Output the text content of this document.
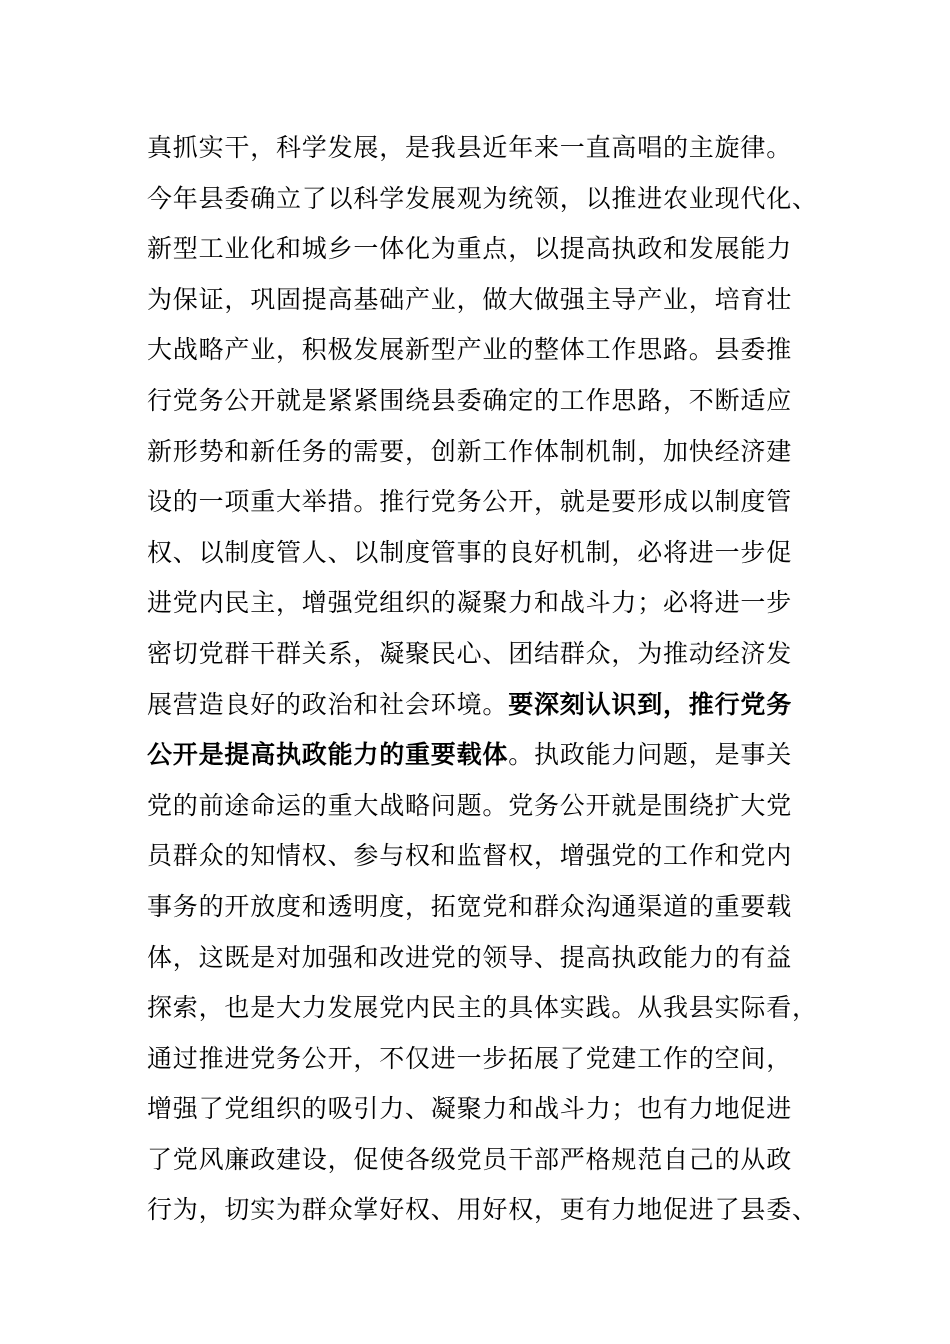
真抓实干，科学发展，是我县近年来一直高唱的主旋律。
今年县委确立了以科学发展观为统领，以推进农业现代化、
新型工业化和城乡一体化为重点，以提高执政和发展能力
为保证，巩固提高基础产业，做大做强主导产业，培育壮
大战略产业，积极发展新型产业的整体工作思路。县委推
行党务公开就是紧紧围绕县委确定的工作思路，不断适应
新形势和新任务的需要，创新工作体制机制，加快经济建
设的一项重大举措。推行党务公开，就是要形成以制度管
权、以制度管人、以制度管事的良好机制，必将进一步促
进党内民主，增强党组织的凝聚力和战斗力；必将进一步
密切党群干群关系，凝聚民心、团结群众，为推动经济发
展营造良好的政治和社会环境。要深刻认识到，推行党务
公开是提高执政能力的重要载体。执政能力问题，是事关
党的前途命运的重大战略问题。党务公开就是围绕扩大党
员群众的知情权、参与权和监督权，增强党的工作和党内
事务的开放度和透明度，拓宽党和群众沟通渠道的重要载
体，这既是对加强和改进党的领导、提高执政能力的有益
探索，也是大力发展党内民主的具体实践。从我县实际看，
通过推进党务公开，不仅进一步拓展了党建工作的空间，
增强了党组织的吸引力、凝聚力和战斗力；也有力地促进
了党风廉政建设，促使各级党员干部严格规范自己的从政
行为，切实为群众掌好权、用好权，更有力地促进了县委、
